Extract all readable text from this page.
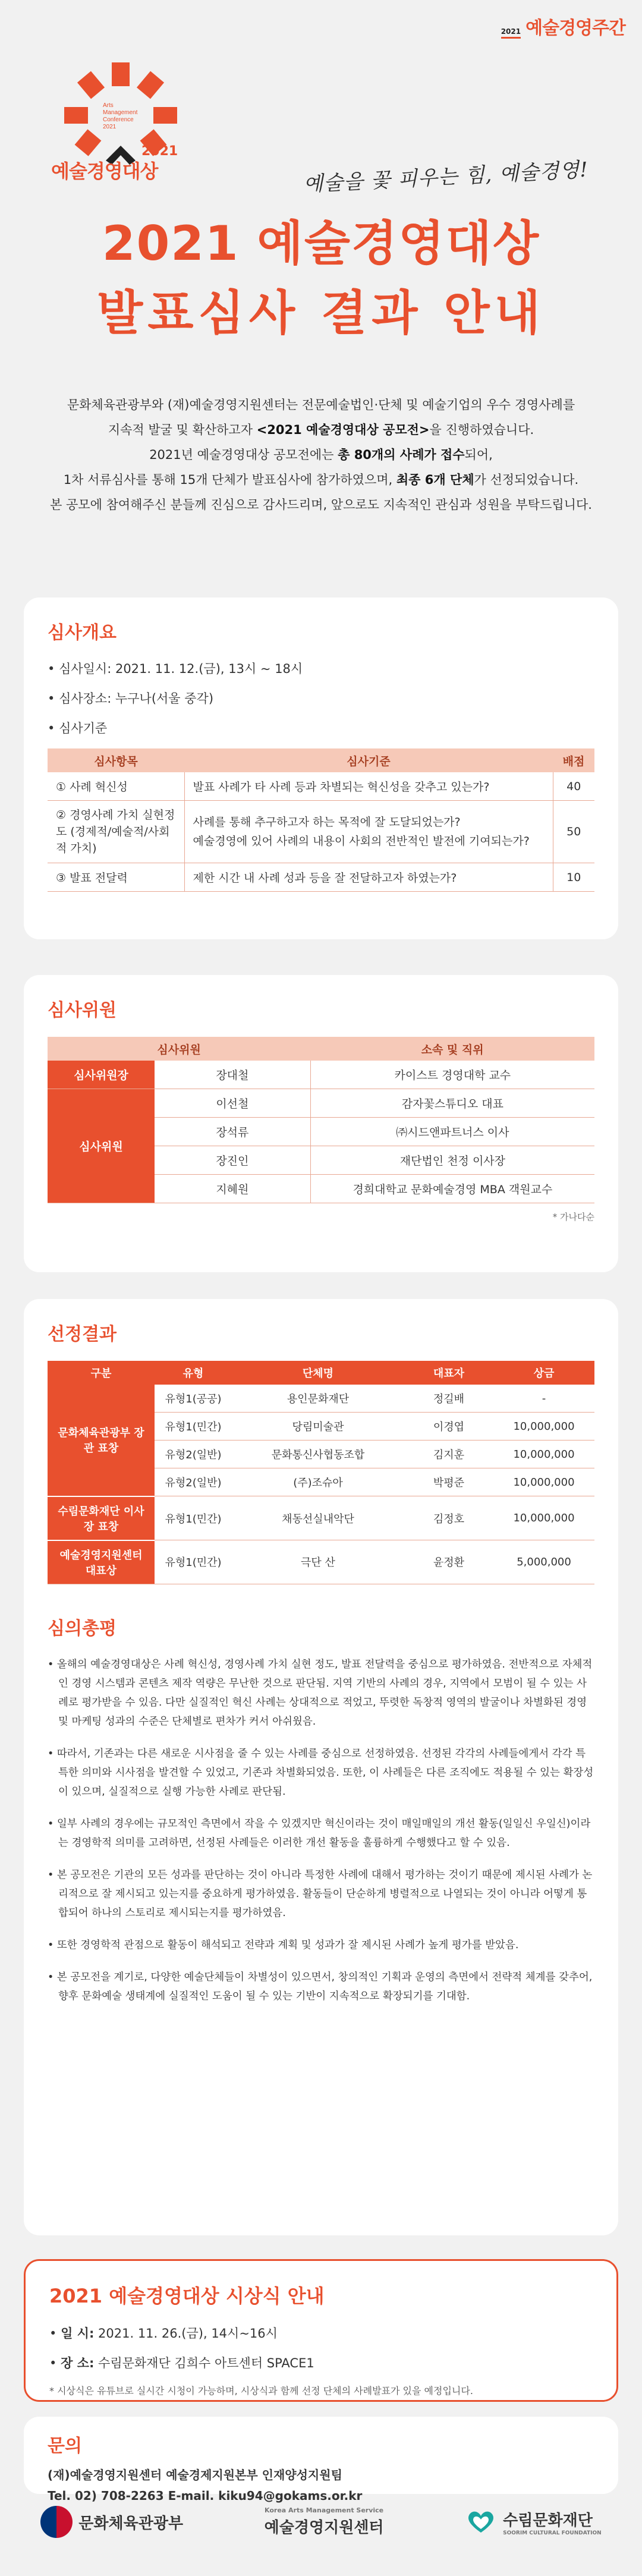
2021 예술경영주간
Arts
Management
Conference
2021
2021
예술경영대상	예술을 꽃 피우는 힘, 예술경영!
2021 예술경영대상
발표심사 결과 안내
문화체육관광부와 (재)예술경영지원센터는 전문예술법인·단체 및 예술기업의 우수 경영사례를
지속적 발굴 및 확산하고자 <2021 예술경영대상 공모전>을 진행하였습니다.
2021년 예술경영대상 공모전에는 총 80개의 사례가 접수되어,
1차 서류심사를 통해 15개 단체가 발표심사에 참가하였으며, 최종 6개 단체가 선정되었습니다.
본 공모에 참여해주신 분들께 진심으로 감사드리며, 앞으로도 지속적인 관심과 성원을 부탁드립니다.
심사개요
• 심사일시: 2021. 11. 12.(금), 13시 ~ 18시
• 심사장소: 누구나(서울 중각)
• 심사기준
심사항목	심사기준	배점
① 사례 혁신성	발표 사례가 타 사례 등과 차별되는 혁신성을 갖추고 있는가?	40
② 경영사례 가치 실현정도 (경제적/예술적/사회적 가치)	사례를 통해 추구하고자 하는 목적에 잘 도달되었는가?
예술경영에 있어 사례의 내용이 사회의 전반적인 발전에 기여되는가?	50
③ 발표 전달력	제한 시간 내 사례 성과 등을 잘 전달하고자 하였는가?	10
심사위원
심사위원		소속 및 직위
심사위원장	장대철	카이스트 경영대학 교수
심사위원	이선철	감자꽃스튜디오 대표
	장석류	㈜시드앤파트너스 이사
	장진인	재단법인 천정 이사장
	지혜원	경희대학교 문화예술경영 MBA 객원교수
* 가나다순
선정결과
구분	유형	단체명	대표자	상금
문화체육관광부 장관 표창	유형1(공공)	용인문화재단	정길배	-
	유형1(민간)	당림미술관	이경엽	10,000,000
	유형2(일반)	문화통신사협동조합	김지훈	10,000,000
	유형2(일반)	(주)조슈아	박평준	10,000,000
수림문화재단 이사장 표창	유형1(민간)	채동선실내악단	김정호	10,000,000
예술경영지원센터 대표상	유형1(민간)	극단 산	윤정환	5,000,000
심의총평

• 올해의 예술경영대상은 사례 혁신성, 경영사례 가치 실현 정도, 발표 전달력을 중심으로 평가하였음. 전반적으로 자체적인 경영 시스템과 콘텐츠 제작 역량은 무난한 것으로 판단됨. 지역 기반의 사례의 경우, 지역에서 모범이 될 수 있는 사례로 평가받을 수 있음. 다만 실질적인 혁신 사례는 상대적으로 적었고, 뚜렷한 독창적 영역의 발굴이나 차별화된 경영 및 마케팅 성과의 수준은 단체별로 편차가 커서 아쉬웠음.

• 따라서, 기존과는 다른 새로운 시사점을 줄 수 있는 사례를 중심으로 선정하였음. 선정된 각각의 사례들에게서 각각 특특한 의미와 시사점을 발견할 수 있었고, 기존과 차별화되었음. 또한, 이 사례들은 다른 조직에도 적용될 수 있는 확장성이 있으며, 실질적으로 실행 가능한 사례로 판단됨.

• 일부 사례의 경우에는 규모적인 측면에서 작을 수 있겠지만 혁신이라는 것이 매일매일의 개선 활동(일일신 우일신)이라는 경영학적 의미를 고려하면, 선정된 사례들은 이러한 개선 활동을 훌륭하게 수행했다고 할 수 있음.

• 본 공모전은 기관의 모든 성과를 판단하는 것이 아니라 특정한 사례에 대해서 평가하는 것이기 때문에 제시된 사례가 논리적으로 잘 제시되고 있는지를 중요하게 평가하였음. 활동들이 단순하게 병렬적으로 나열되는 것이 아니라 어떻게 통합되어 하나의 스토리로 제시되는지를 평가하였음.

• 또한 경영학적 관점으로 활동이 해석되고 전략과 계획 및 성과가 잘 제시된 사례가 높게 평가를 받았음.

• 본 공모전을 계기로, 다양한 예술단체들이 차별성이 있으면서, 창의적인 기획과 운영의 측면에서 전략적 체계를 갖추어, 향후 문화예술 생태계에 실질적인 도움이 될 수 있는 기반이 지속적으로 확장되기를 기대함.

2021 예술경영대상 시상식 안내
• 일 시: 2021. 11. 26.(금), 14시~16시
• 장 소: 수림문화재단 김희수 아트센터 SPACE1
* 시상식은 유튜브로 실시간 시청이 가능하며, 시상식과 함께 선정 단체의 사례발표가 있을 예정입니다.
문의
(재)예술경영지원센터 예술경제지원본부 인재양성지원팀
Tel. 02) 708-2263 E-mail. kiku94@gokams.or.kr
문화체육관광부
Korea Arts Management Service
예술경영지원센터	수림문화재단
SOORIM CULTURAL FOUNDATION
